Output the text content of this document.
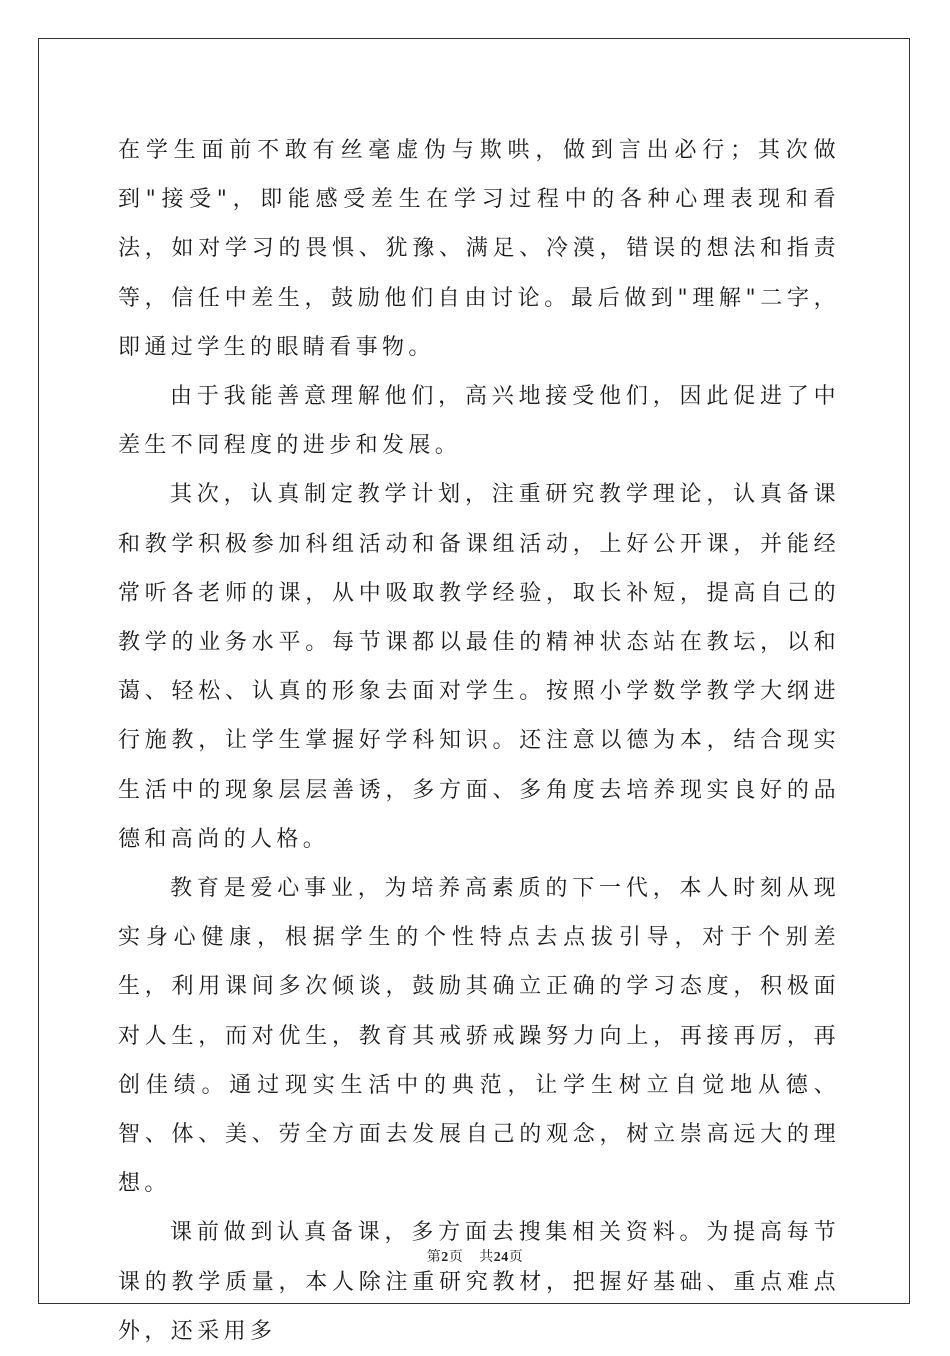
在学生面前不敢有丝毫虚伪与欺哄，做到言出必行；其次做到"接受"，即能感受差生在学习过程中的各种心理表现和看法，如对学习的畏惧、犹豫、满足、冷漠，错误的想法和指责等，信任中差生，鼓励他们自由讨论。最后做到"理解"二字，即通过学生的眼睛看事物。

由于我能善意理解他们，高兴地接受他们，因此促进了中差生不同程度的进步和发展。

其次，认真制定教学计划，注重研究教学理论，认真备课和教学积极参加科组活动和备课组活动，上好公开课，并能经常听各老师的课，从中吸取教学经验，取长补短，提高自己的教学的业务水平。每节课都以最佳的精神状态站在教坛，以和蔼、轻松、认真的形象去面对学生。按照小学数学教学大纲进行施教，让学生掌握好学科知识。还注意以德为本，结合现实生活中的现象层层善诱，多方面、多角度去培养现实良好的品德和高尚的人格。

教育是爱心事业，为培养高素质的下一代，本人时刻从现实身心健康，根据学生的个性特点去点拔引导，对于个别差生，利用课间多次倾谈，鼓励其确立正确的学习态度，积极面对人生，而对优生，教育其戒骄戒躁努力向上，再接再厉，再创佳绩。通过现实生活中的典范，让学生树立自觉地从德、智、体、美、劳全方面去发展自己的观念，树立崇高远大的理想。

课前做到认真备课，多方面去搜集相关资料。为提高每节课的教学质量，本人除注重研究教材，把握好基础、重点难点外，还采用多

第2页 共24页
